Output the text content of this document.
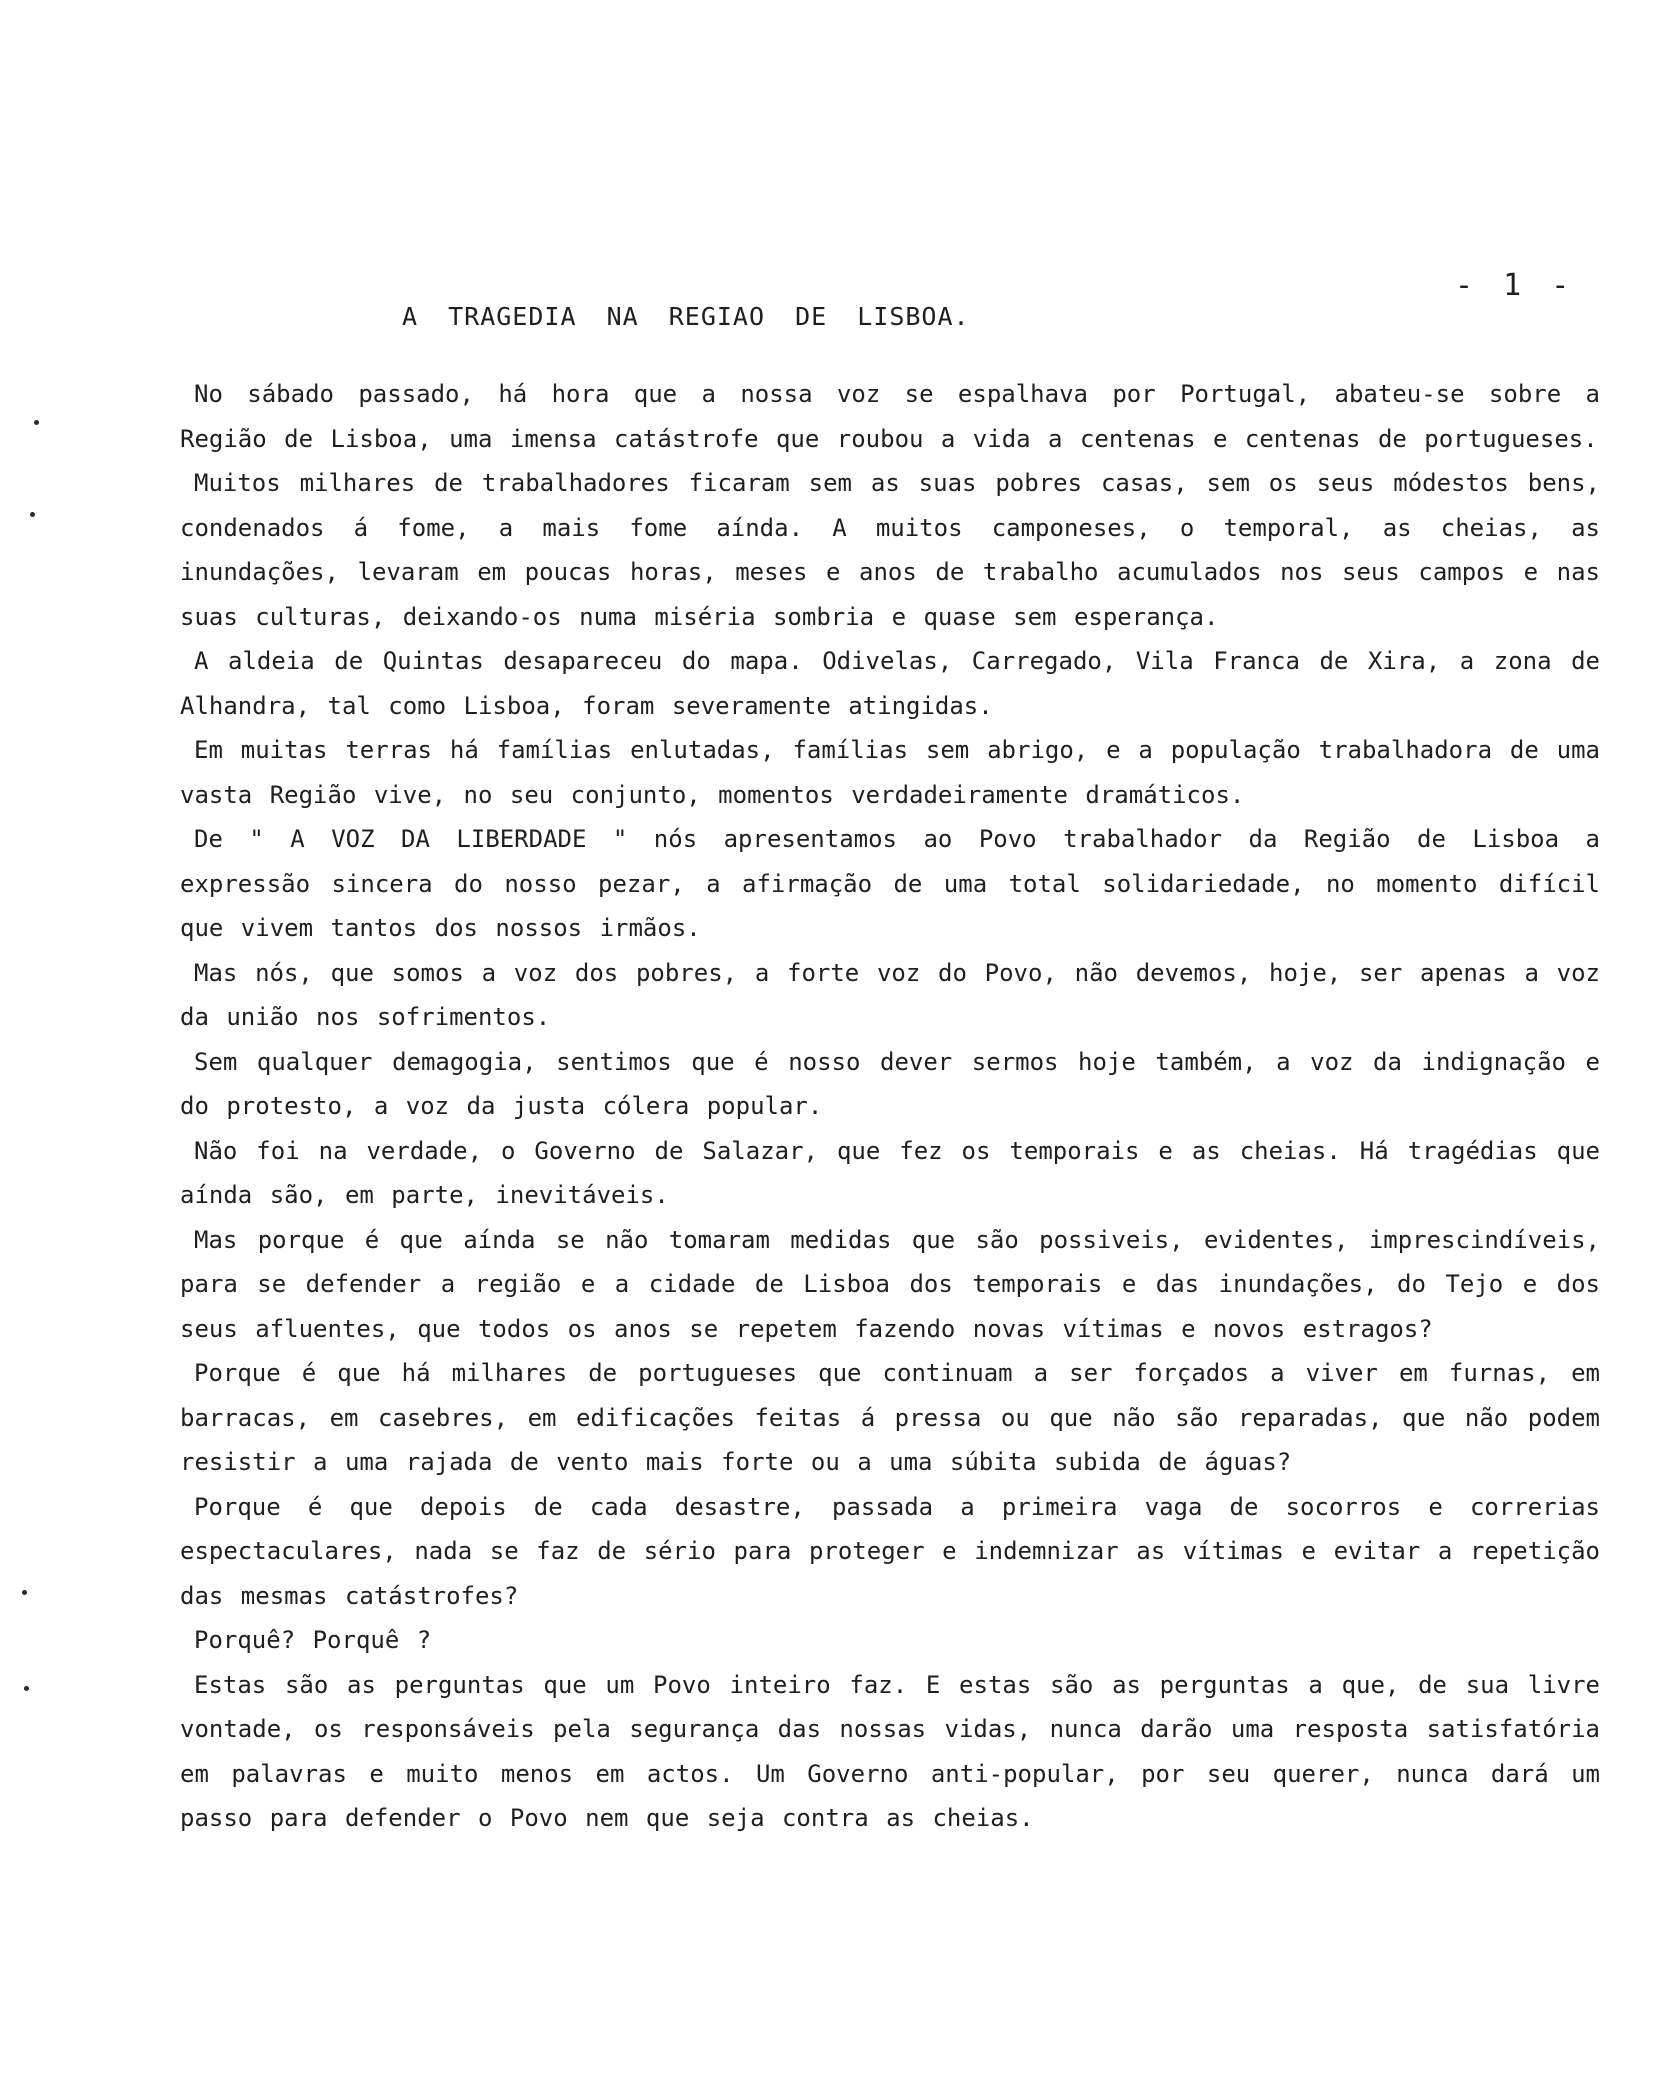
- 1 -
A TRAGEDIA NA REGIAO DE LISBOA.

No sábado passado, há hora que a nossa voz se espalhava por Portugal, abateu-se sobre a Região de Lisboa, uma imensa catástrofe que roubou a vida a centenas e centenas de portugueses.

Muitos milhares de trabalhadores ficaram sem as suas pobres casas, sem os seus módestos bens, condenados á fome, a mais fome aínda. A muitos camponeses, o temporal, as cheias, as inundações, levaram em poucas horas, meses e anos de trabalho acumulados nos seus campos e nas suas culturas, deixando-os numa miséria sombria e quase sem esperança.

A aldeia de Quintas desapareceu do mapa. Odivelas, Carregado, Vila Franca de Xira, a zona de Alhandra, tal como Lisboa, foram severamente atingidas.

Em muitas terras há famílias enlutadas, famílias sem abrigo, e a população trabalhadora de uma vasta Região vive, no seu conjunto, momentos verdadeiramente dramáticos.

De " A VOZ DA LIBERDADE " nós apresentamos ao Povo trabalhador da Região de Lisboa a expressão sincera do nosso pezar, a afirmação de uma total solidariedade, no momento difícil que vivem tantos dos nossos irmãos.

Mas nós, que somos a voz dos pobres, a forte voz do Povo, não devemos, hoje, ser apenas a voz da união nos sofrimentos.

Sem qualquer demagogia, sentimos que é nosso dever sermos hoje também, a voz da indignação e do protesto, a voz da justa cólera popular.

Não foi na verdade, o Governo de Salazar, que fez os temporais e as cheias. Há tragédias que aínda são, em parte, inevitáveis.

Mas porque é que aínda se não tomaram medidas que são possiveis, evidentes, imprescindíveis, para se defender a região e a cidade de Lisboa dos temporais e das inundações, do Tejo e dos seus afluentes, que todos os anos se repetem fazendo novas vítimas e novos estragos?

Porque é que há milhares de portugueses que continuam a ser forçados a viver em furnas, em barracas, em casebres, em edificações feitas á pressa ou que não são reparadas, que não podem resistir a uma rajada de vento mais forte ou a uma súbita subida de águas?

Porque é que depois de cada desastre, passada a primeira vaga de socorros e correrias espectaculares, nada se faz de sério para proteger e indemnizar as vítimas e evitar a repetição das mesmas catástrofes?

Porquê? Porquê ?

Estas são as perguntas que um Povo inteiro faz. E estas são as perguntas a que, de sua livre vontade, os responsáveis pela segurança das nossas vidas, nunca darão uma resposta satisfatória em palavras e muito menos em actos. Um Governo anti-popular, por seu querer, nunca dará um passo para defender o Povo nem que seja contra as cheias.
